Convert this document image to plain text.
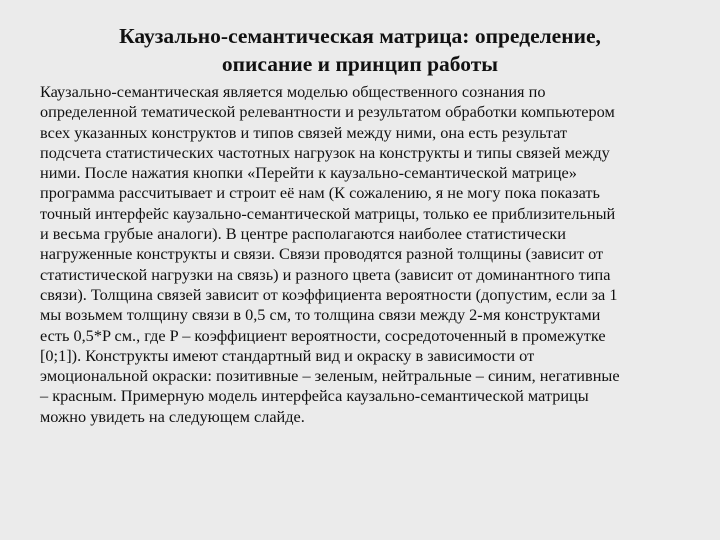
Каузально-семантическая матрица: определение,
описание и принцип работы

Каузально-семантическая является моделью общественного сознания по
определенной тематической релевантности и результатом обработки компьютером
всех указанных конструктов и типов связей между ними, она есть результат
подсчета статистических частотных нагрузок на конструкты и типы связей между
ними. После нажатия кнопки «Перейти к каузально-семантической матрице»
программа рассчитывает и строит её нам (К сожалению, я не могу пока показать
точный интерфейс каузально-семантической матрицы, только ее приблизительный
и весьма грубые аналоги). В центре располагаются наиболее статистически
нагруженные конструкты и связи. Связи проводятся разной толщины (зависит от
статистической нагрузки на связь) и разного цвета (зависит от доминантного типа
связи). Толщина связей зависит от коэффициента вероятности (допустим, если за 1
мы возьмем толщину связи в 0,5 см, то толщина связи между 2-мя конструктами
есть 0,5*P см., где P – коэффициент вероятности, сосредоточенный в промежутке
[0;1]). Конструкты имеют стандартный вид и окраску в зависимости от
эмоциональной окраски: позитивные – зеленым, нейтральные – синим, негативные
– красным. Примерную модель интерфейса каузально-семантической матрицы
можно увидеть на следующем слайде.
